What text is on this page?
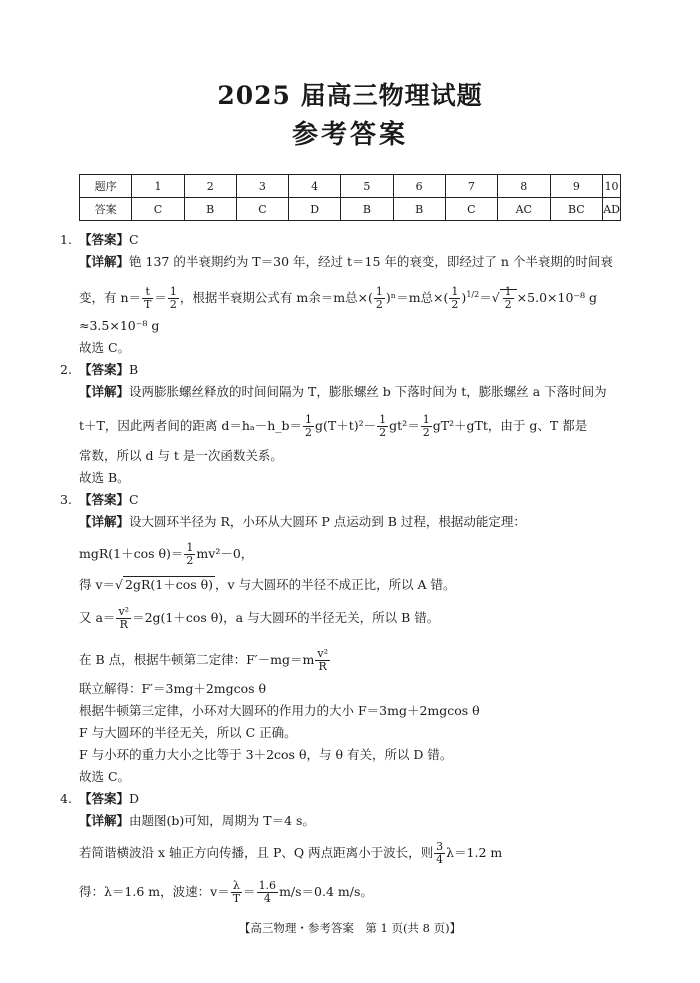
2025 届高三物理试题
参考答案
题序	1	2	3	4	5	6	7	8	9	10
答案	C	B	C	D	B	B	C	AC	BC	AD
1. 【答案】C
【详解】铯 137 的半衰期约为 T＝30 年，经过 t＝15 年的衰变，即经过了 n 个半衰期的时间衰
变，有 $n= \frac{t}{T} = \frac{1}{2}$ ，根据半衰期公式有 m余＝m总×( $\frac{1}{2} )^n=m$总×( $\frac{1}{2} )^{1/2}=√ \frac{1}{2} \times 5.0\times 10^{-8}$ g
≈3.5×10⁻⁸ g
故选 C。
2. 【答案】B
【详解】设两膨胀螺丝释放的时间间隔为 T，膨胀螺丝 b 下落时间为 t，膨胀螺丝 a 下落时间为
t＋T，因此两者间的距离 d＝hₐ－h_b＝ $\frac{1}{2} g(T+t)^2- \frac{1}{2} gt^2= \frac{1}{2} gT^2+gTt$，由于 g、T 都是
常数，所以 d 与 t 是一次函数关系。
故选 B。
3. 【答案】C
【详解】设大圆环半径为 R，小环从大圆环 P 点运动到 B 过程，根据动能定理：
mgR(1＋cos $\theta)= \frac{1}{2} mv^2-0$，
得 v＝√ 2gR(1＋cos θ) ，v 与大圆环的半径不成正比，所以 A 错。
又 $a= \frac{\text{v²}}{R} =2g(1+\cos$ θ)，a 与大圆环的半径无关，所以 B 错。
在 B 点，根据牛顿第二定律：$F'-mg=m \frac{\text{v²}}{R}$
联立解得：F′＝3mg＋2mgcos θ
根据牛顿第三定律，小环对大圆环的作用力的大小 F＝3mg＋2mgcos θ
F 与大圆环的半径无关，所以 C 正确。
F 与小环的重力大小之比等于 3＋2cos θ，与 θ 有关，所以 D 错。
故选 C。
4. 【答案】D
【详解】由题图(b)可知，周期为 T＝4 s。
若简谐横波沿 x 轴正方向传播，且 P、Q 两点距离小于波长，则 $\frac{3}{4} \lambda=1.2$ m
得：λ＝1.6 m，波速：$v= \frac{\lambda}{T} = \frac{1.6}{4} m/s=0.4$ m/s。
【高三物理・参考答案　第 1 页(共 8 页)】
